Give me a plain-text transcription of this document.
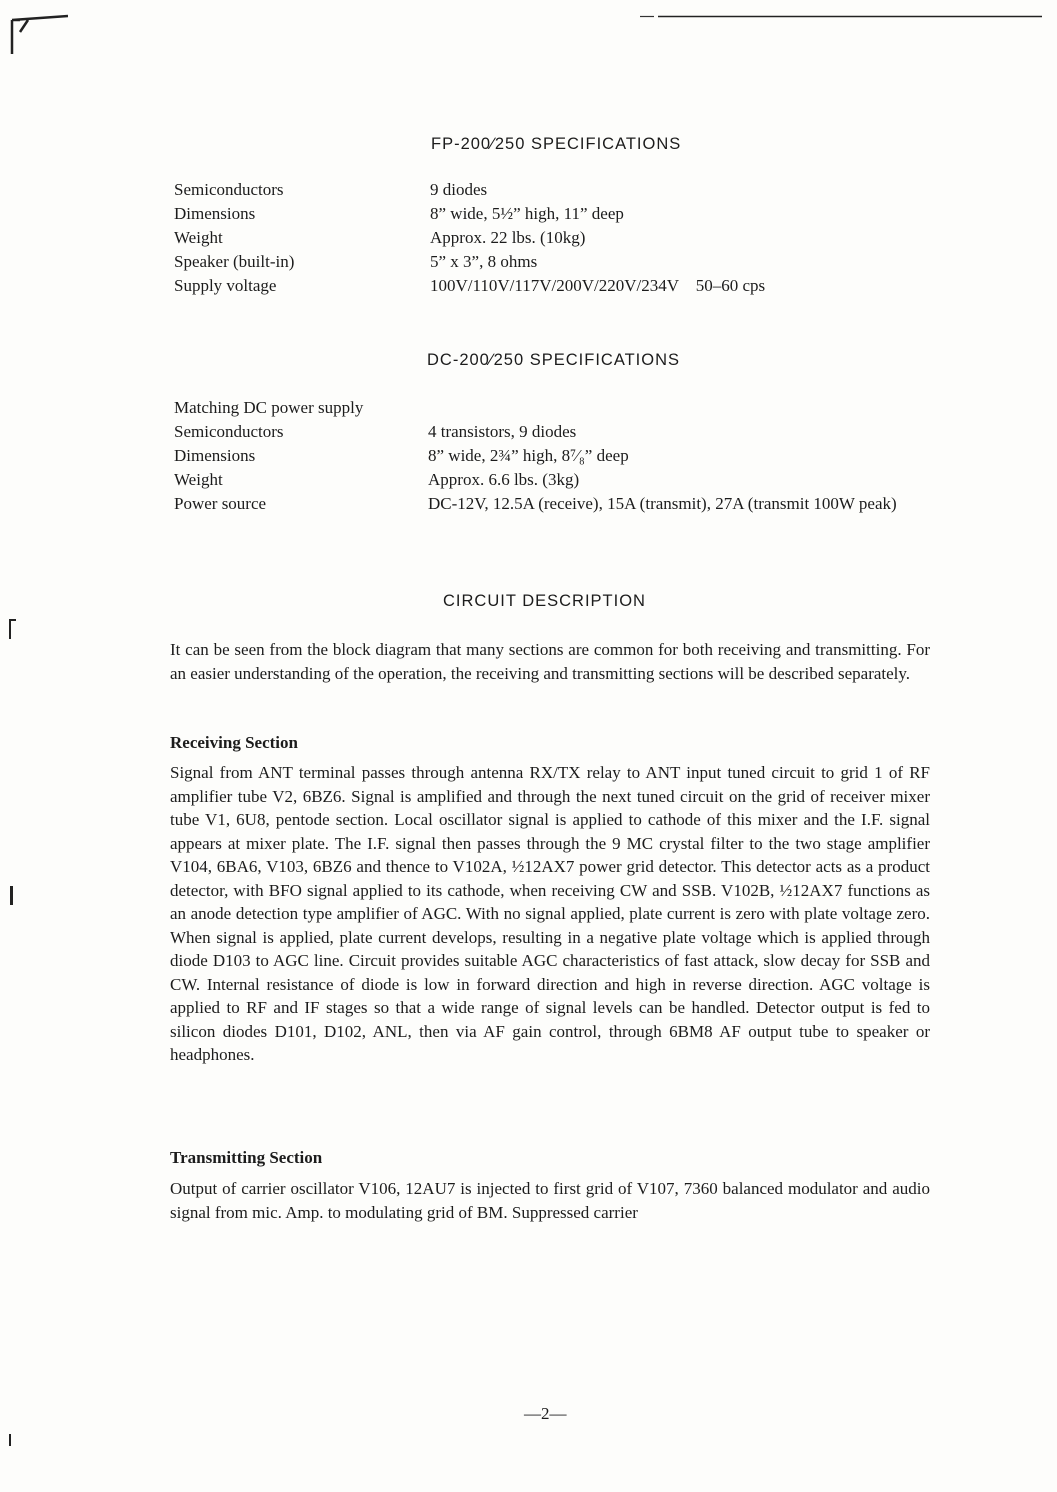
FP-200∕250 SPECIFICATIONS
Semiconductors	9 diodes
Dimensions	8” wide, 5½” high, 11” deep
Weight	Approx. 22 lbs. (10kg)
Speaker (built-in)	5” x 3”, 8 ohms
Supply voltage	100V/110V/117V/200V/220V/234V    50–60 cps
DC-200∕250 SPECIFICATIONS
Matching DC power supply
Semiconductors	4 transistors, 9 diodes
Dimensions	8” wide, 2¾” high, 8⁷⁄₈” deep
Weight	Approx. 6.6 lbs. (3kg)
Power source	DC-12V, 12.5A (receive), 15A (transmit), 27A (transmit 100W peak)
CIRCUIT DESCRIPTION

It can be seen from the block diagram that many sections are common for both receiving and transmitting. For an easier understanding of the operation, the receiving and transmitting sections will be described separately.

Receiving Section

Signal from ANT terminal passes through antenna RX/TX relay to ANT input tuned circuit to grid 1 of RF amplifier tube V2, 6BZ6. Signal is amplified and through the next tuned circuit on the grid of receiver mixer tube V1, 6U8, pentode section. Local oscillator signal is applied to cathode of this mixer and the I.F. signal appears at mixer plate. The I.F. signal then passes through the 9 MC crystal filter to the two stage amplifier V104, 6BA6, V103, 6BZ6 and thence to V102A, ½12AX7 power grid detector. This detector acts as a product detector, with BFO signal applied to its cathode, when receiving CW and SSB. V102B, ½12AX7 functions as an anode detection type amplifier of AGC. With no signal applied, plate current is zero with plate voltage zero. When signal is applied, plate current develops, resulting in a negative plate voltage which is applied through diode D103 to AGC line. Circuit provides suitable AGC characteristics of fast attack, slow decay for SSB and CW. Internal resistance of diode is low in forward direction and high in reverse direction. AGC voltage is applied to RF and IF stages so that a wide range of signal levels can be handled. Detector output is fed to silicon diodes D101, D102, ANL, then via AF gain control, through 6BM8 AF output tube to speaker or headphones.

Transmitting Section

Output of carrier oscillator V106, 12AU7 is injected to first grid of V107, 7360 balanced modulator and audio signal from mic. Amp. to modulating grid of BM. Suppressed carrier

—2—
